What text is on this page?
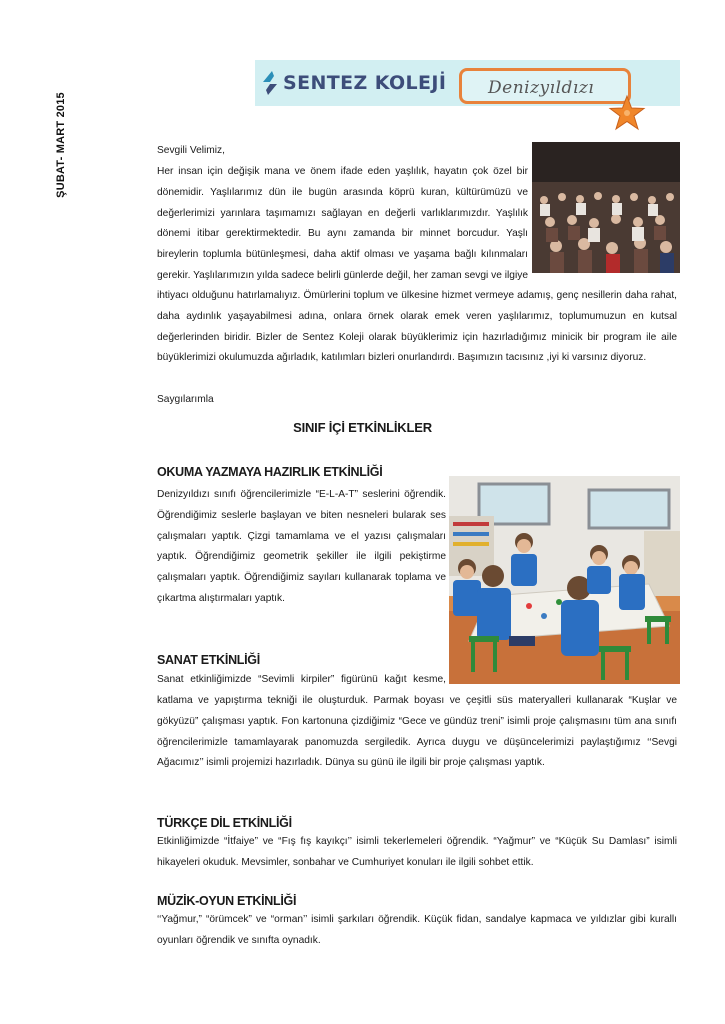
ŞUBAT- MART 2015
SENTEZ KOLEJİ Denizyıldızı

Sevgili Velimiz,

Her insan için değişik mana ve önem ifade eden yaşlılık, hayatın çok özel bir dönemidir. Yaşlılarımız dün ile bugün arasında köprü kuran, kültürümüzü ve değerlerimizi yarınlara taşımamızı sağlayan en değerli varlıklarımızdır. Yaşlılık dönemi itibar gerektirmektedir. Bu aynı zamanda bir minnet borcudur. Yaşlı bireylerin toplumla bütünleşmesi, daha aktif olması ve yaşama bağlı kılınmaları gerekir. Yaşlılarımızın yılda sadece belirli günlerde değil, her zaman sevgi ve ilgiye

ihtiyacı olduğunu hatırlamalıyız. Ömürlerini toplum ve ülkesine hizmet vermeye adamış, genç nesillerin daha rahat, daha aydınlık yaşayabilmesi adına, onlara örnek olarak emek veren yaşlılarımız, toplumumuzun en kutsal değerlerinden biridir. Bizler de Sentez Koleji olarak büyüklerimiz için hazırladığımız minicik bir program ile aile büyüklerimizi okulumuzda ağırladık, katılımları bizleri onurlandırdı. Başımızın tacısınız ,iyi ki varsınız diyoruz.

Saygılarımla

SINIF İÇİ ETKİNLİKLER
OKUMA YAZMAYA HAZIRLIK ETKİNLİĞİ

Denizyıldızı sınıfı öğrencilerimizle “E-L-A-T” seslerini öğrendik. Öğrendiğimiz seslerle başlayan ve biten nesneleri bularak ses çalışmaları yaptık. Çizgi tamamlama ve el yazısı çalışmaları yaptık. Öğrendiğimiz geometrik şekiller ile ilgili pekiştirme çalışmaları yaptık. Öğrendiğimiz sayıları kullanarak toplama ve çıkartma alıştırmaları yaptık.

SANAT ETKİNLİĞİ

Sanat etkinliğimizde “Sevimli kirpiler” figürünü kağıt kesme,

katlama ve yapıştırma tekniği ile oluşturduk. Parmak boyası ve çeşitli süs materyalleri kullanarak “Kuşlar ve gökyüzü” çalışması yaptık. Fon kartonuna çizdiğimiz “Gece ve gündüz treni” isimli proje çalışmasını tüm ana sınıfı öğrencilerimizle tamamlayarak panomuzda sergiledik. Ayrıca duygu ve düşüncelerimizi paylaştığımız ‘‘Sevgi Ağacımız’’ isimli projemizi hazırladık. Dünya su günü ile ilgili bir proje çalışması yaptık.

TÜRKÇE DİL ETKİNLİĞİ

Etkinliğimizde “İtfaiye” ve “Fış fış kayıkçı’’ isimli tekerlemeleri öğrendik. “Yağmur” ve “Küçük Su Damlası” isimli hikayeleri okuduk. Mevsimler, sonbahar ve Cumhuriyet konuları ile ilgili sohbet ettik.

MÜZİK-OYUN ETKİNLİĞİ

‘‘Yağmur,” “örümcek” ve “orman’’ isimli şarkıları öğrendik. Küçük fidan, sandalye kapmaca ve yıldızlar gibi kurallı oyunları öğrendik ve sınıfta oynadık.
